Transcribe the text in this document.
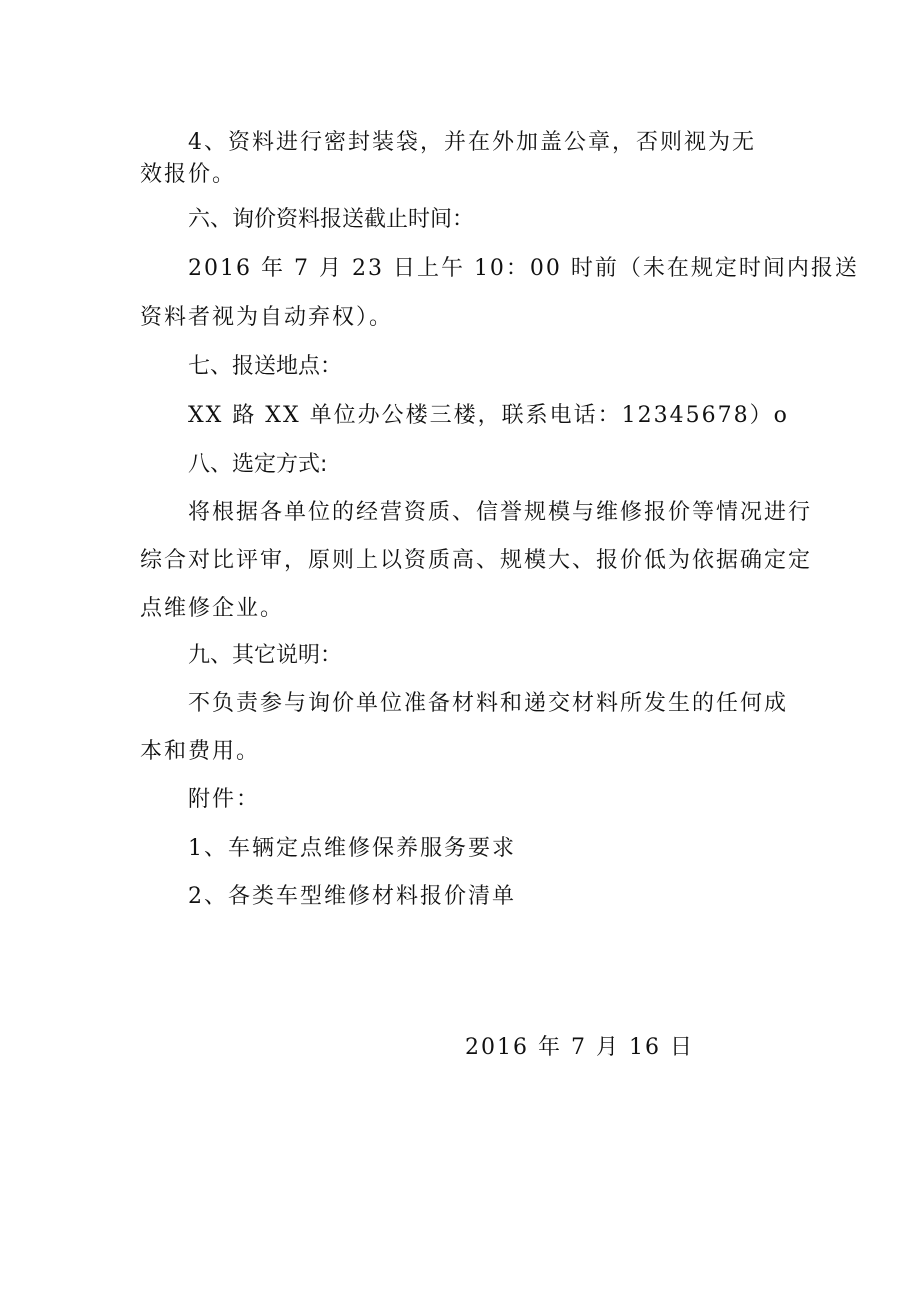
4、资料进行密封装袋，并在外加盖公章，否则视为无
效报价。
六、询价资料报送截止时间：
2016 年 7 月 23 日上午 10：00 时前（未在规定时间内报送
资料者视为自动弃权）。
七、报送地点：
XX 路 XX 单位办公楼三楼，联系电话：12345678）o
八、选定方式:
将根据各单位的经营资质、信誉规模与维修报价等情况进行
综合对比评审，原则上以资质高、规模大、报价低为依据确定定
点维修企业。
九、其它说明：
不负责参与询价单位准备材料和递交材料所发生的任何成
本和费用。
附件：
1、车辆定点维修保养服务要求
2、各类车型维修材料报价清单
2016 年 7 月 16 日
